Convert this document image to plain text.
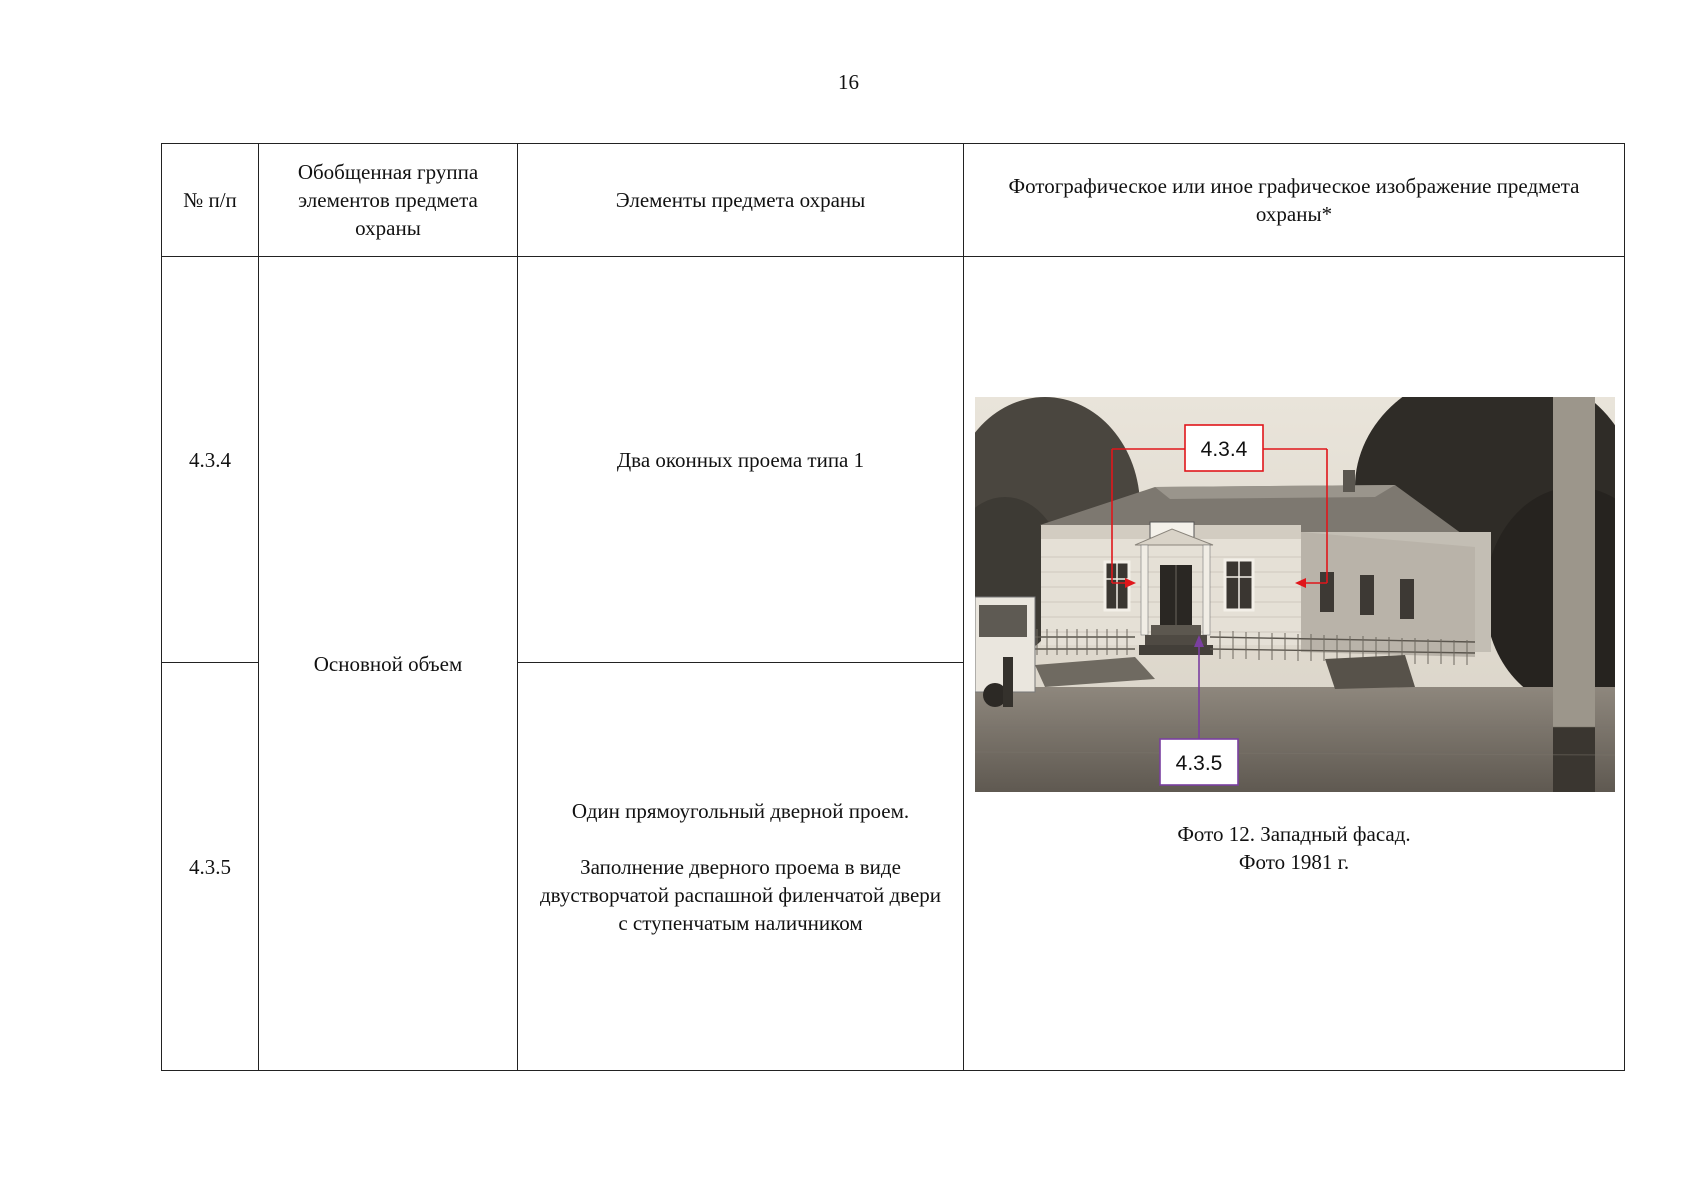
16
№ п/п	Обобщенная группа элементов предмета охраны	Элементы предмета охраны	Фотографическое или иное графическое изображение предмета охраны*
4.3.4	Основной объем	Два оконных проема типа 1	4.3.4
4.3.5
Фото 12. Западный фасад.
Фото 1981 г.

4.3.5		Один прямоугольный дверной проем.

Заполнение дверного проема в виде двустворчатой распашной филенчатой двери с ступенчатым наличником	
